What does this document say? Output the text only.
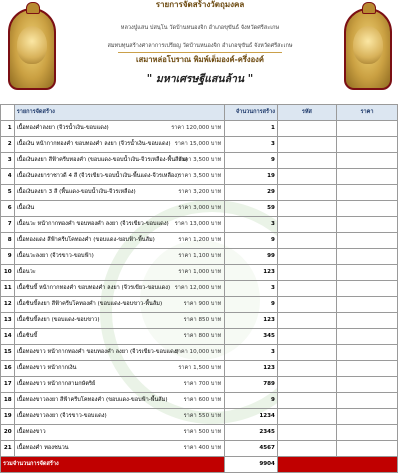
รายการจัดสร้างวัตถุมงคล
หลวงปู่แสน ปสนฺโน วัดบ้านหนองจิก อำเภอขุขันธ์ จังหวัดศรีสะเกษ
สมทบทุนสร้างศาลาการเปรียญ วัดบ้านหนองจิก อำเภอขุขันธ์ จังหวัดศรีสะเกษ
เสมาหล่อโบราณ พิมพ์เต็มองค์-ครึ่งองค์
" มหาเศรษฐีแสนล้าน "
	รายการจัดสร้าง	จำนวนการสร้าง	รหัส	ราคา
1	เนื้อทองคำลงยา (จีวรน้ำเงิน-ขอบแดง) ราคา 120,000 บาท	1		
2	เนื้อเงิน หน้ากากทองคำ ขอบทองคำ ลงยา (จีวรน้ำเงิน-ขอบแดง) ราคา 15,000 บาท	3		
3	เนื้อเงินลงยา สีฟ้าครีบทองคำ (ขอบแดง-ขอบน้ำเงิน-จีวรเหลือง-พื้นสีส้ม)
ราคา 3,500 บาท	9		
4	เนื้อเงินลงยาราชาวดี 4 สี (จีวรเขียว-ขอบน้ำเงิน-พื้นแดง-จีวรเหลือง) ราคา 3,500 บาท	19		
5	เนื้อเงินลงยา 3 สี (พื้นแดง-ขอบน้ำเงิน-จีวรเหลือง) ราคา 3,200 บาท	29		
6	เนื้อเงิน ราคา 3,000 บาท	59		
7	เนื้อนวะ หน้ากากทองคำ ขอบทองคำ ลงยา (จีวรเขียว-ขอบแดง) ราคา 13,000 บาท	3		
8	เนื้อทองแดง สีฟ้าครีบโคทองคำ (ขอบแดง-ขอบฟ้า-พื้นส้ม) ราคา 1,200 บาท	9		
9	เนื้อนวะลงยา (จีวรขาว-ขอบฟ้า) ราคา 1,100 บาท	99		
10	เนื้อนวะ ราคา 1,000 บาท	123		
11	เนื้อชินขี้ หน้ากากทองคำ ขอบทองคำ ลงยา (จีวรเขียว-ขอบแดง) ราคา 12,000 บาท	3		
12	เนื้อชินขี้ลงยา สีฟ้าครีบโคทองคำ (ขอบแดง-ขอบขาว-พื้นส้ม) ราคา 900 บาท	9		
13	เนื้อชินขี้ลงยา (ขอบแดง-ขอบขาว) ราคา 850 บาท	123		
14	เนื้อชินขี้ ราคา 800 บาท	345		
15	เนื้อทองขาว หน้ากากทองคำ ขอบทองคำ ลงยา (จีวรเขียว-ขอบแดง)
ราคา 10,000 บาท	3		
16	เนื้อทองขาว หน้ากากเงิน ราคา 1,500 บาท	123		
17	เนื้อทองขาว หน้ากากสามกษัตริย์ ราคา 700 บาท	789		
18	เนื้อทองขาวลงยา สีฟ้าครีบโคทองคำ (ขอบแดง-ขอบฟ้า-พื้นส้ม) ราคา 600 บาท	9		
19	เนื้อทองขาวลงยา (จีวรขาว-ขอบแดง) ราคา 550 บาท	1234		
20	เนื้อทองขาว ราคา 500 บาท	2345		
21	เนื้อทองคำ ทองชนวน ราคา 400 บาท	4567		
รวมจำนวนการจัดสร้าง		9904		
